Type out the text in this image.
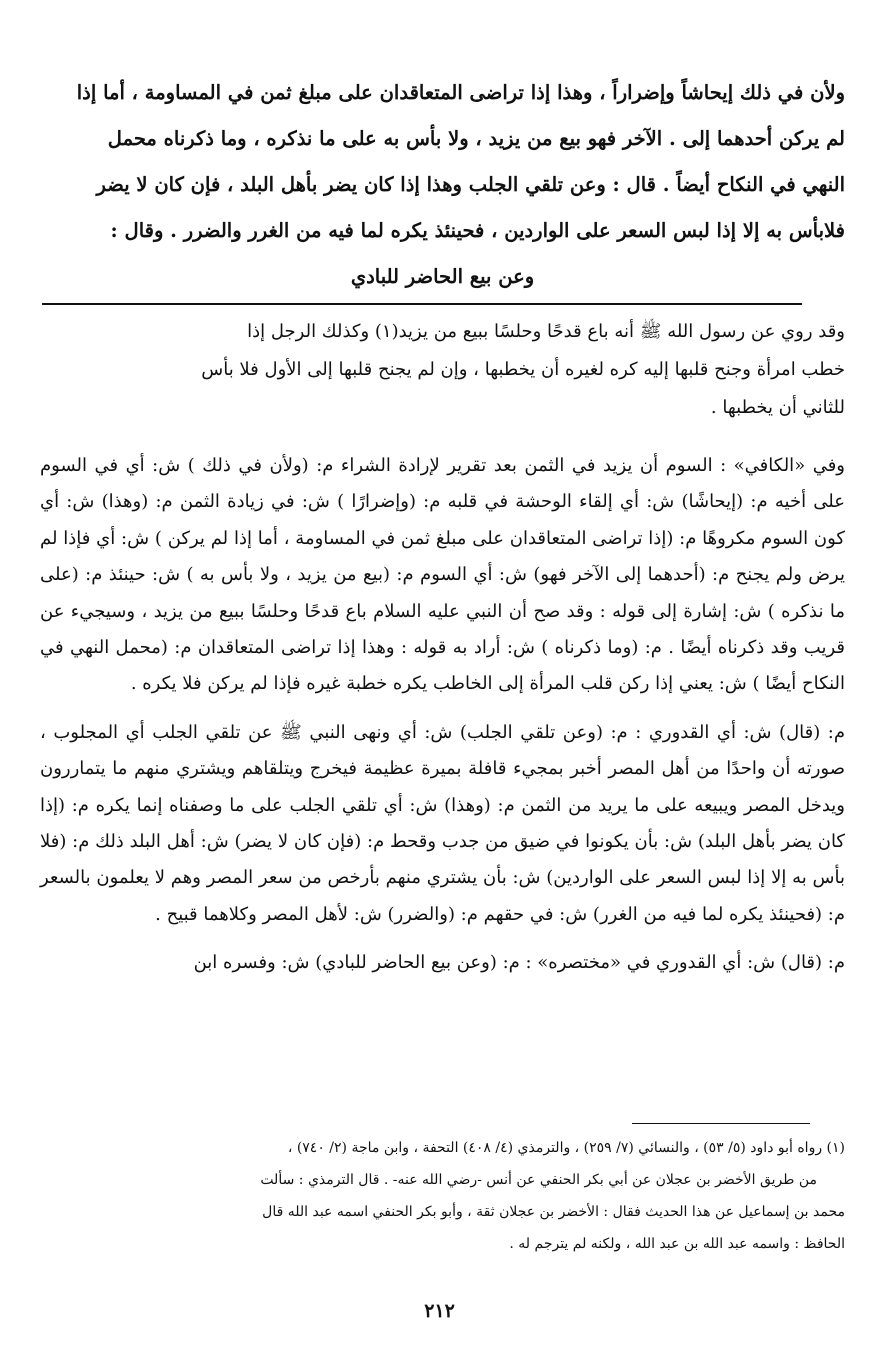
ولأن في ذلك إيحاشاً وإضراراً ، وهذا إذا تراضى المتعاقدان على مبلغ ثمن في المساومة ، أما إذا

لم يركن أحدهما إلى . الآخر فهو بيع من يزيد ، ولا بأس به على ما نذكره ، وما ذكرناه محمل

النهي في النكاح أيضاً . قال : وعن تلقي الجلب وهذا إذا كان يضر بأهل البلد ، فإن كان لا يضر

فلابأس به إلا إذا لبس السعر على الواردين ، فحينئذ يكره لما فيه من الغرر والضرر . وقال :

وعن بيع الحاضر للبادي

وقد روي عن رسول الله ﷺ أنه باع قدحًا وحلسًا ببيع من يزيد(١) وكذلك الرجل إذا

خطب امرأة وجنح قلبها إليه كره لغيره أن يخطبها ، وإن لم يجنح قلبها إلى الأول فلا بأس

للثاني أن يخطبها .

وفي «الكافي» : السوم أن يزيد في الثمن بعد تقرير لإرادة الشراء م: (ولأن في ذلك ) ش: أي في السوم على أخيه م: (إيحاشًا) ش: أي إلقاء الوحشة في قلبه م: (وإضرارًا ) ش: في زيادة الثمن م: (وهذا) ش: أي كون السوم مكروهًا م: (إذا تراضى المتعاقدان على مبلغ ثمن في المساومة ، أما إذا لم يركن ) ش: أي فإذا لم يرض ولم يجنح م: (أحدهما إلى الآخر فهو) ش: أي السوم م: (بيع من يزيد ، ولا بأس به ) ش: حينئذ م: (على ما نذكره ) ش: إشارة إلى قوله : وقد صح أن النبي عليه السلام باع قدحًا وحلسًا ببيع من يزيد ، وسيجيء عن قريب وقد ذكرناه أيضًا . م: (وما ذكرناه ) ش: أراد به قوله : وهذا إذا تراضى المتعاقدان م: (محمل النهي في النكاح أيضًا ) ش: يعني إذا ركن قلب المرأة إلى الخاطب يكره خطبة غيره فإذا لم يركن فلا يكره .

م: (قال) ش: أي القدوري : م: (وعن تلقي الجلب) ش: أي ونهى النبي ﷺ عن تلقي الجلب أي المجلوب ، صورته أن واحدًا من أهل المصر أخبر بمجيء قافلة بميرة عظيمة فيخرج ويتلقاهم ويشتري منهم ما يتماررون ويدخل المصر ويبيعه على ما يريد من الثمن م: (وهذا) ش: أي تلقي الجلب على ما وصفناه إنما يكره م: (إذا كان يضر بأهل البلد) ش: بأن يكونوا في ضيق من جدب وقحط م: (فإن كان لا يضر) ش: أهل البلد ذلك م: (فلا بأس به إلا إذا لبس السعر على الواردين) ش: بأن يشتري منهم بأرخص من سعر المصر وهم لا يعلمون بالسعر م: (فحينئذ يكره لما فيه من الغرر) ش: في حقهم م: (والضرر) ش: لأهل المصر وكلاهما قبيح .

م: (قال) ش: أي القدوري في «مختصره» : م: (وعن بيع الحاضر للبادي) ش: وفسره ابن

(١) رواه أبو داود (٥/ ٥٣) ، والنسائي (٧/ ٢٥٩) ، والترمذي (٤/ ٤٠٨) التحفة ، وابن ماجة (٢/ ٧٤٠) ،

من طريق الأخضر بن عجلان عن أبي بكر الحنفي عن أنس -رضي الله عنه- . قال الترمذي : سألت

محمد بن إسماعيل عن هذا الحديث فقال : الأخضر بن عجلان ثقة ، وأبو بكر الحنفي اسمه عبد الله قال

الحافظ : واسمه عبد الله بن عبد الله ، ولكنه لم يترجم له .

٢١٢
